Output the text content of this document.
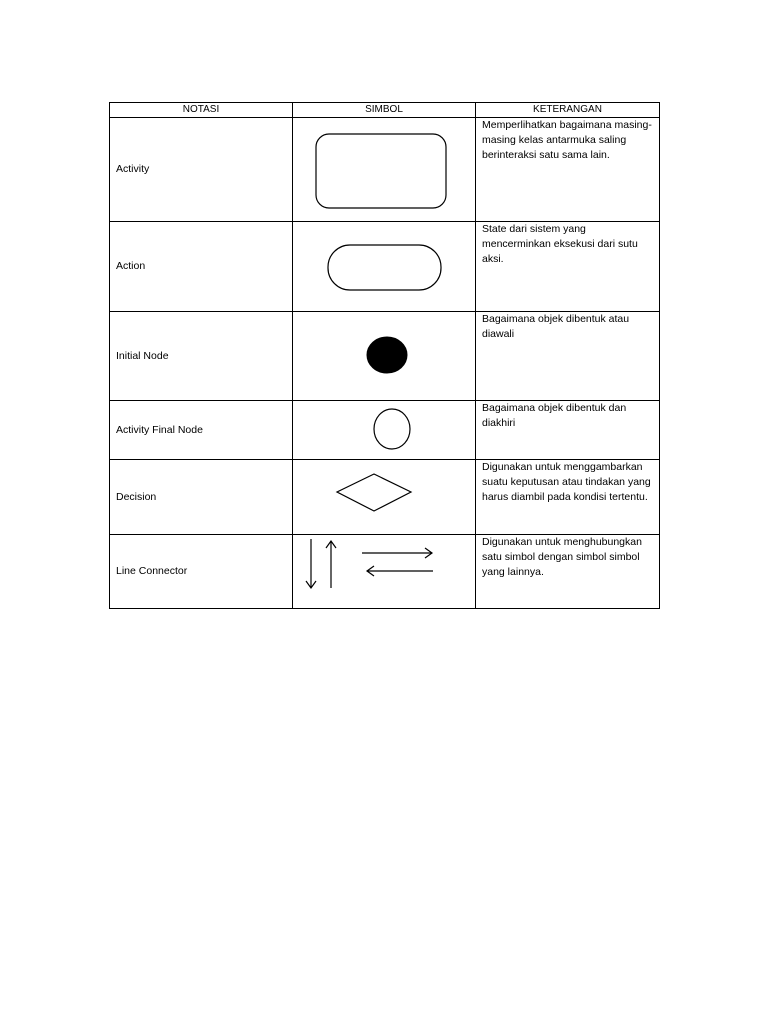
NOTASI	SIMBOL	KETERANGAN
Activity		Memperlihatkan bagaimana masing-masing kelas antarmuka saling berinteraksi satu sama lain.
Action		State dari sistem yang mencerminkan eksekusi dari sutu aksi.
Initial Node		Bagaimana objek dibentuk atau diawali
Activity Final Node		Bagaimana objek dibentuk dan diakhiri
Decision		Digunakan untuk menggambarkan suatu keputusan atau tindakan yang harus diambil pada kondisi tertentu.
Line Connector		Digunakan untuk menghubungkan satu simbol dengan simbol simbol yang lainnya.
